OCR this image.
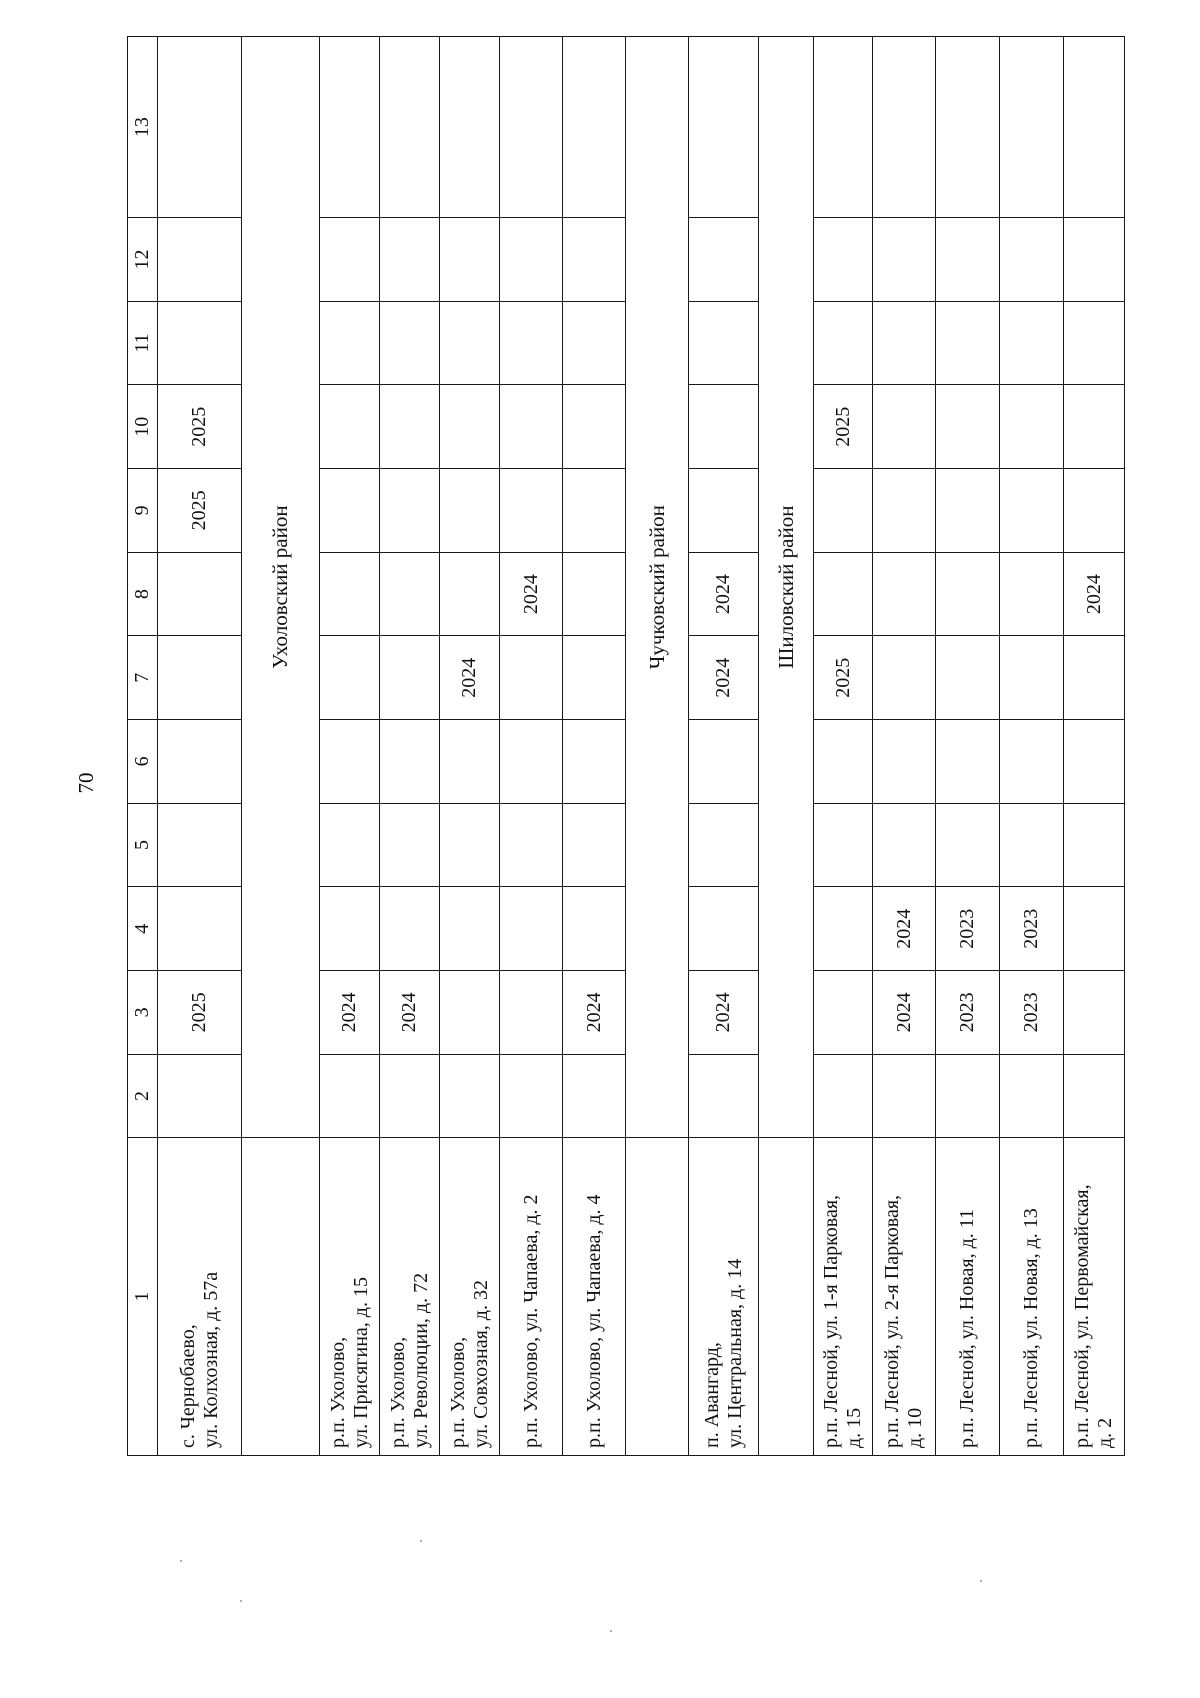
70
1	2	3	4	5	6	7	8	9	10	11	12	13

с. Чернобаево, ул. Колхозная, д. 57а		2025						2025	2025			
	Ухоловский район											

р.п. Ухолово, ул. Присягина, д. 15		2024										

р.п. Ухолово, ул. Революции, д. 72		2024										

р.п. Ухолово, ул. Совхозная, д. 32						2024						

р.п. Ухолово, ул. Чапаева, д. 2							2024					

р.п. Ухолово, ул. Чапаева, д. 4		2024										
	Чучковский район											

п. Авангард, ул. Центральная, д. 14		2024				2024	2024					
	Шиловский район											

р.п. Лесной, ул. 1-я Парковая, д. 15						2025			2025			

р.п. Лесной, ул. 2-я Парковая, д. 10		2024	2024									

р.п. Лесной, ул. Новая, д. 11		2023	2023									

р.п. Лесной, ул. Новая, д. 13		2023	2023									

р.п. Лесной, ул. Первомайская, д. 2							2024					
